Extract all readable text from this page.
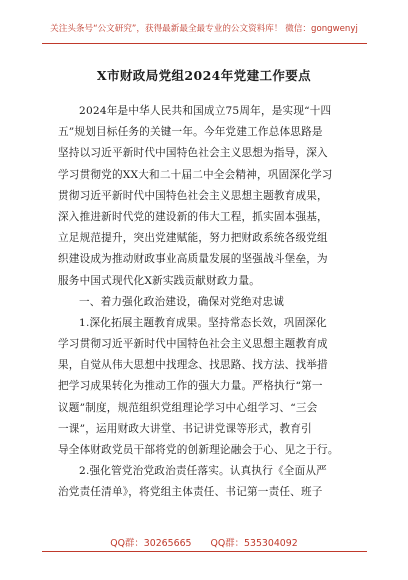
关注头条号“公文研究”，获得最新最全最专业的公文资料库！ 微信：gongwenyj
X市财政局党组2024年党建工作要点
2024年是中华人民共和国成立75周年，是实现“十四
五”规划目标任务的关键一年。今年党建工作总体思路是
坚持以习近平新时代中国特色社会主义思想为指导，深入
学习贯彻党的XX大和二十届二中全会精神，巩固深化学习
贯彻习近平新时代中国特色社会主义思想主题教育成果，
深入推进新时代党的建设新的伟大工程，抓实固本强基，
立足规范提升，突出党建赋能，努力把财政系统各级党组
织建设成为推动财政事业高质量发展的坚强战斗堡垒，为
服务中国式现代化X新实践贡献财政力量。
一、着力强化政治建设，确保对党绝对忠诚
1.深化拓展主题教育成果。坚持常态长效，巩固深化
学习贯彻习近平新时代中国特色社会主义思想主题教育成
果，自觉从伟大思想中找理念、找思路、找方法、找举措
把学习成果转化为推动工作的强大力量。严格执行“第一
议题”制度，规范组织党组理论学习中心组学习、“三会
一课”，运用财政大讲堂、书记讲党课等形式，教育引
导全体财政党员干部将党的创新理论融会于心、见之于行。
2.强化管党治党政治责任落实。认真执行《全面从严
治党责任清单》，将党组主体责任、书记第一责任、班子
QQ群：30265665 QQ群：535304092
